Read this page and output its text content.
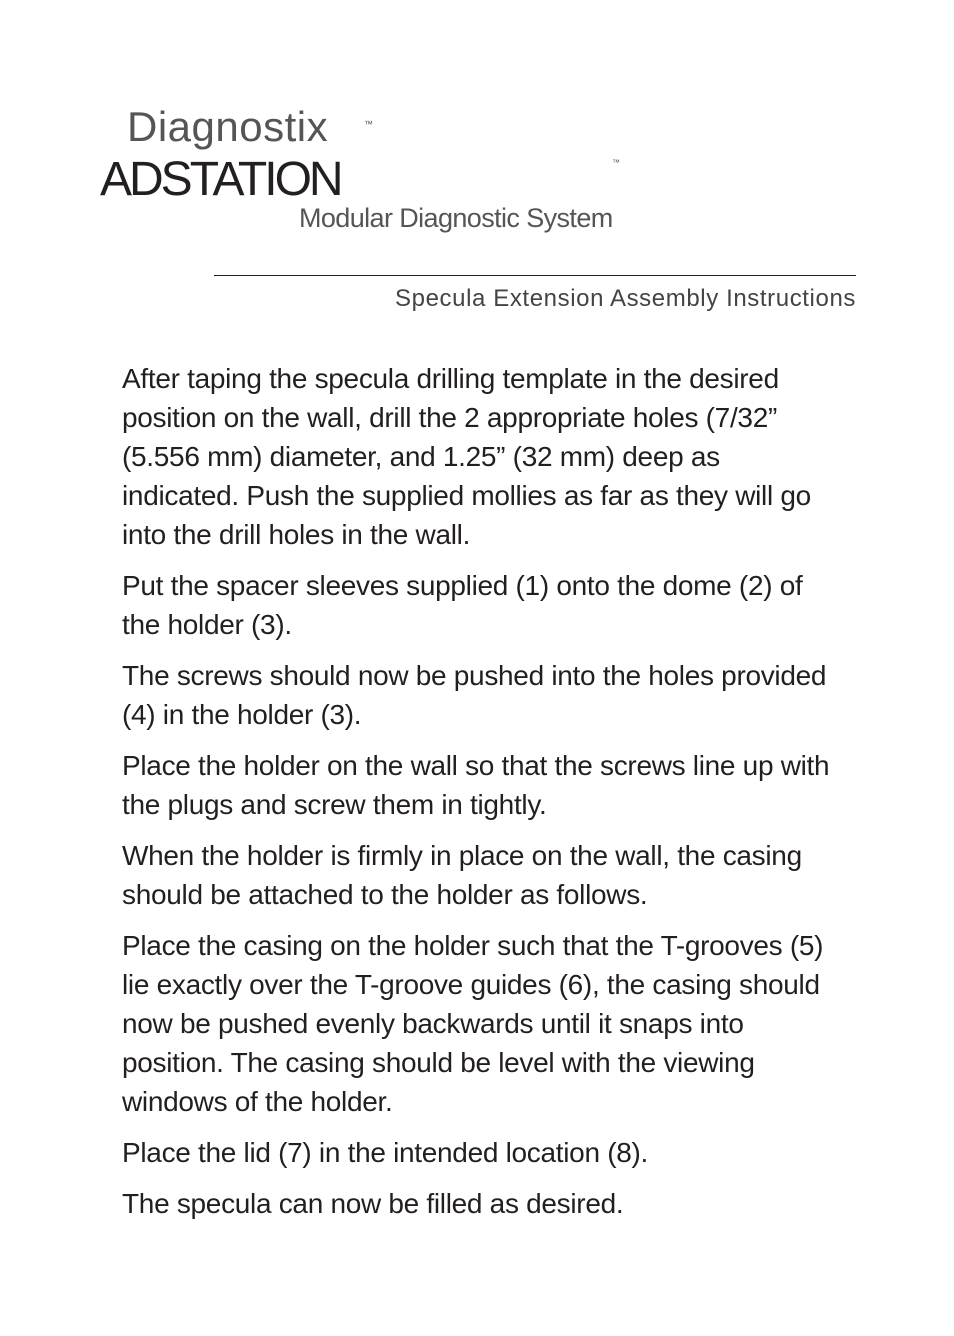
Diagnostix	™
ADSTATION	™
Modular Diagnostic System
Specula Extension Assembly Instructions

After taping the specula drilling template in the desired position on the wall, drill the 2 appropriate holes (7/32” (5.556 mm) diameter, and 1.25” (32 mm) deep as indicated. Push the supplied mollies as far as they will go into the drill holes in the wall.

Put the spacer sleeves supplied (1) onto the dome (2) of the holder (3).

The screws should now be pushed into the holes provided (4) in the holder (3).

Place the holder on the wall so that the screws line up with the plugs and screw them in tightly.

When the holder is firmly in place on the wall, the casing should be attached to the holder as follows.

Place the casing on the holder such that the T-grooves (5) lie exactly over the T-groove guides (6), the casing should now be pushed evenly backwards until it snaps into position. The casing should be level with the viewing windows of the holder.

Place the lid (7) in the intended location (8).

The specula can now be filled as desired.
